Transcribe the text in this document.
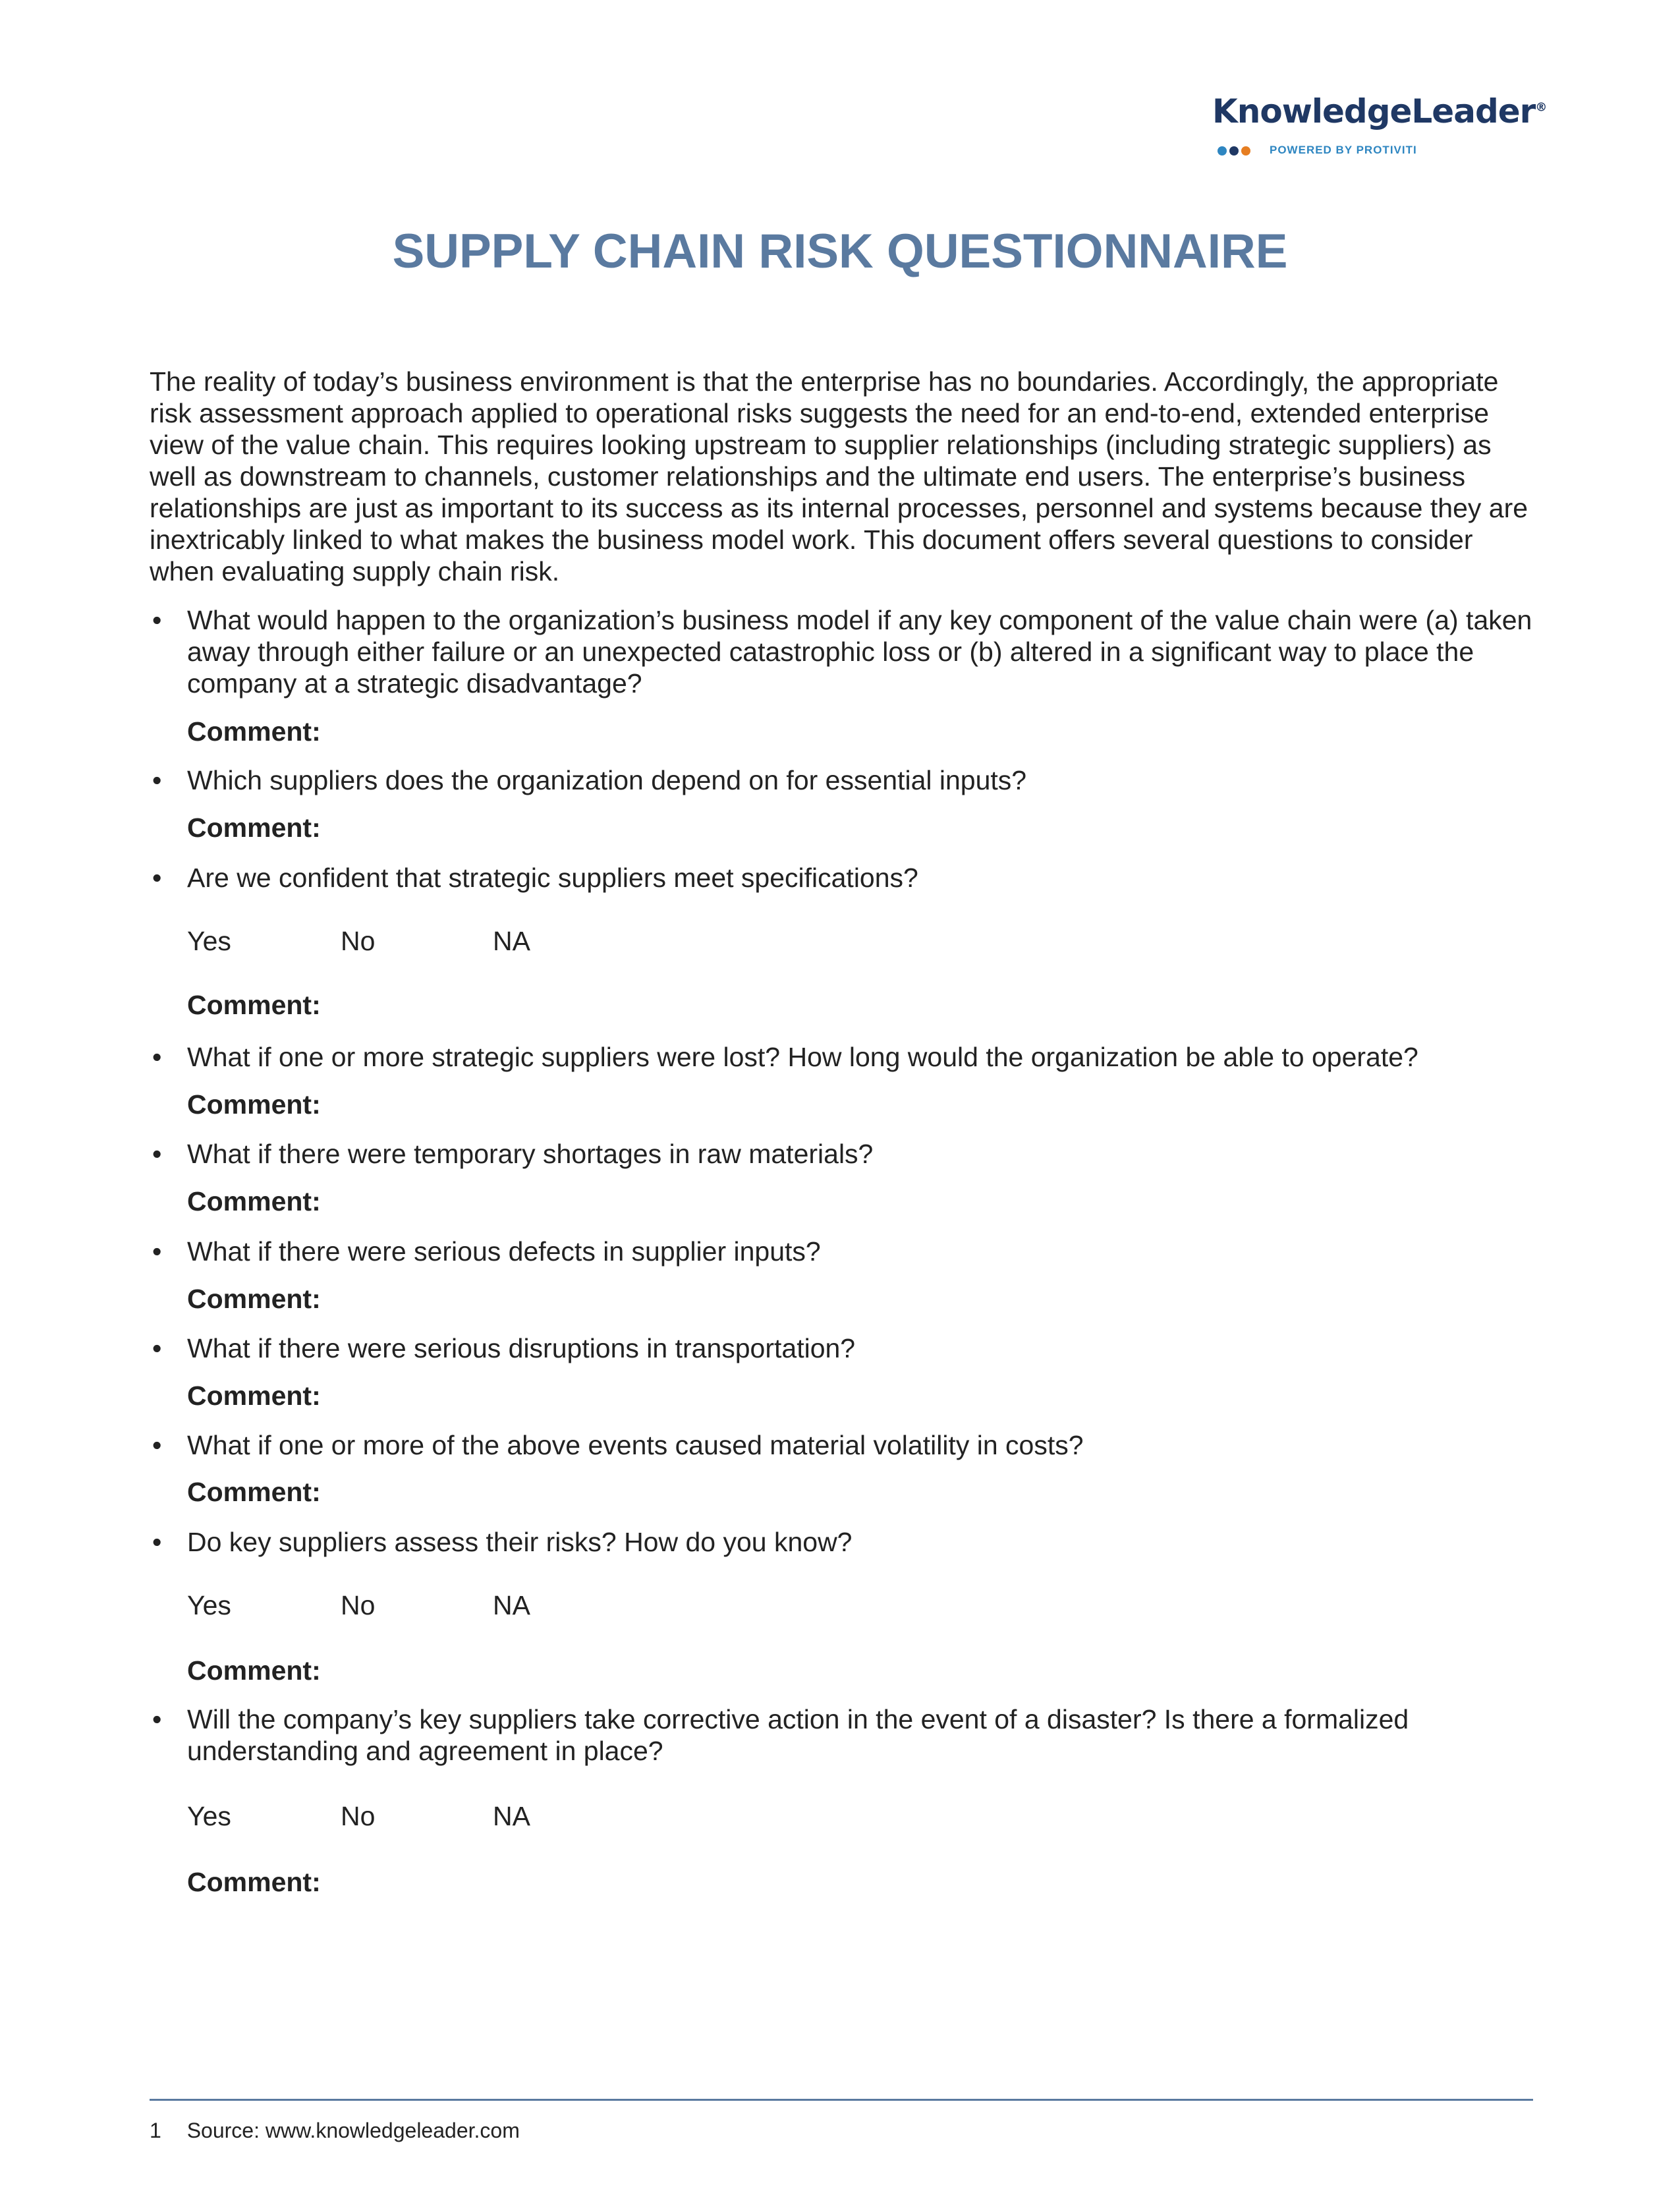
KnowledgeLeader®
POWERED BY PROTIVITI
SUPPLY CHAIN RISK QUESTIONNAIRE
The reality of today’s business environment is that the enterprise has no boundaries. Accordingly, the appropriate risk assessment approach applied to operational risks suggests the need for an end-to-end, extended enterprise view of the value chain. This requires looking upstream to supplier relationships (including strategic suppliers) as well as downstream to channels, customer relationships and the ultimate end users. The enterprise’s business relationships are just as important to its success as its internal processes, personnel and systems because they are inextricably linked to what makes the business model work. This document offers several questions to consider when evaluating supply chain risk.
• What would happen to the organization’s business model if any key component of the value chain were (a) taken away through either failure or an unexpected catastrophic loss or (b) altered in a significant way to place the company at a strategic disadvantage?
Comment:
• Which suppliers does the organization depend on for essential inputs?
Comment:
• Are we confident that strategic suppliers meet specifications?
Yes	No	NA
Comment:
• What if one or more strategic suppliers were lost? How long would the organization be able to operate?
Comment:
• What if there were temporary shortages in raw materials?
Comment:
• What if there were serious defects in supplier inputs?
Comment:
• What if there were serious disruptions in transportation?
Comment:
• What if one or more of the above events caused material volatility in costs?
Comment:
• Do key suppliers assess their risks? How do you know?
Yes	No	NA
Comment:
• Will the company’s key suppliers take corrective action in the event of a disaster? Is there a formalized understanding and agreement in place?
Yes	No	NA
Comment:
1 Source: www.knowledgeleader.com
